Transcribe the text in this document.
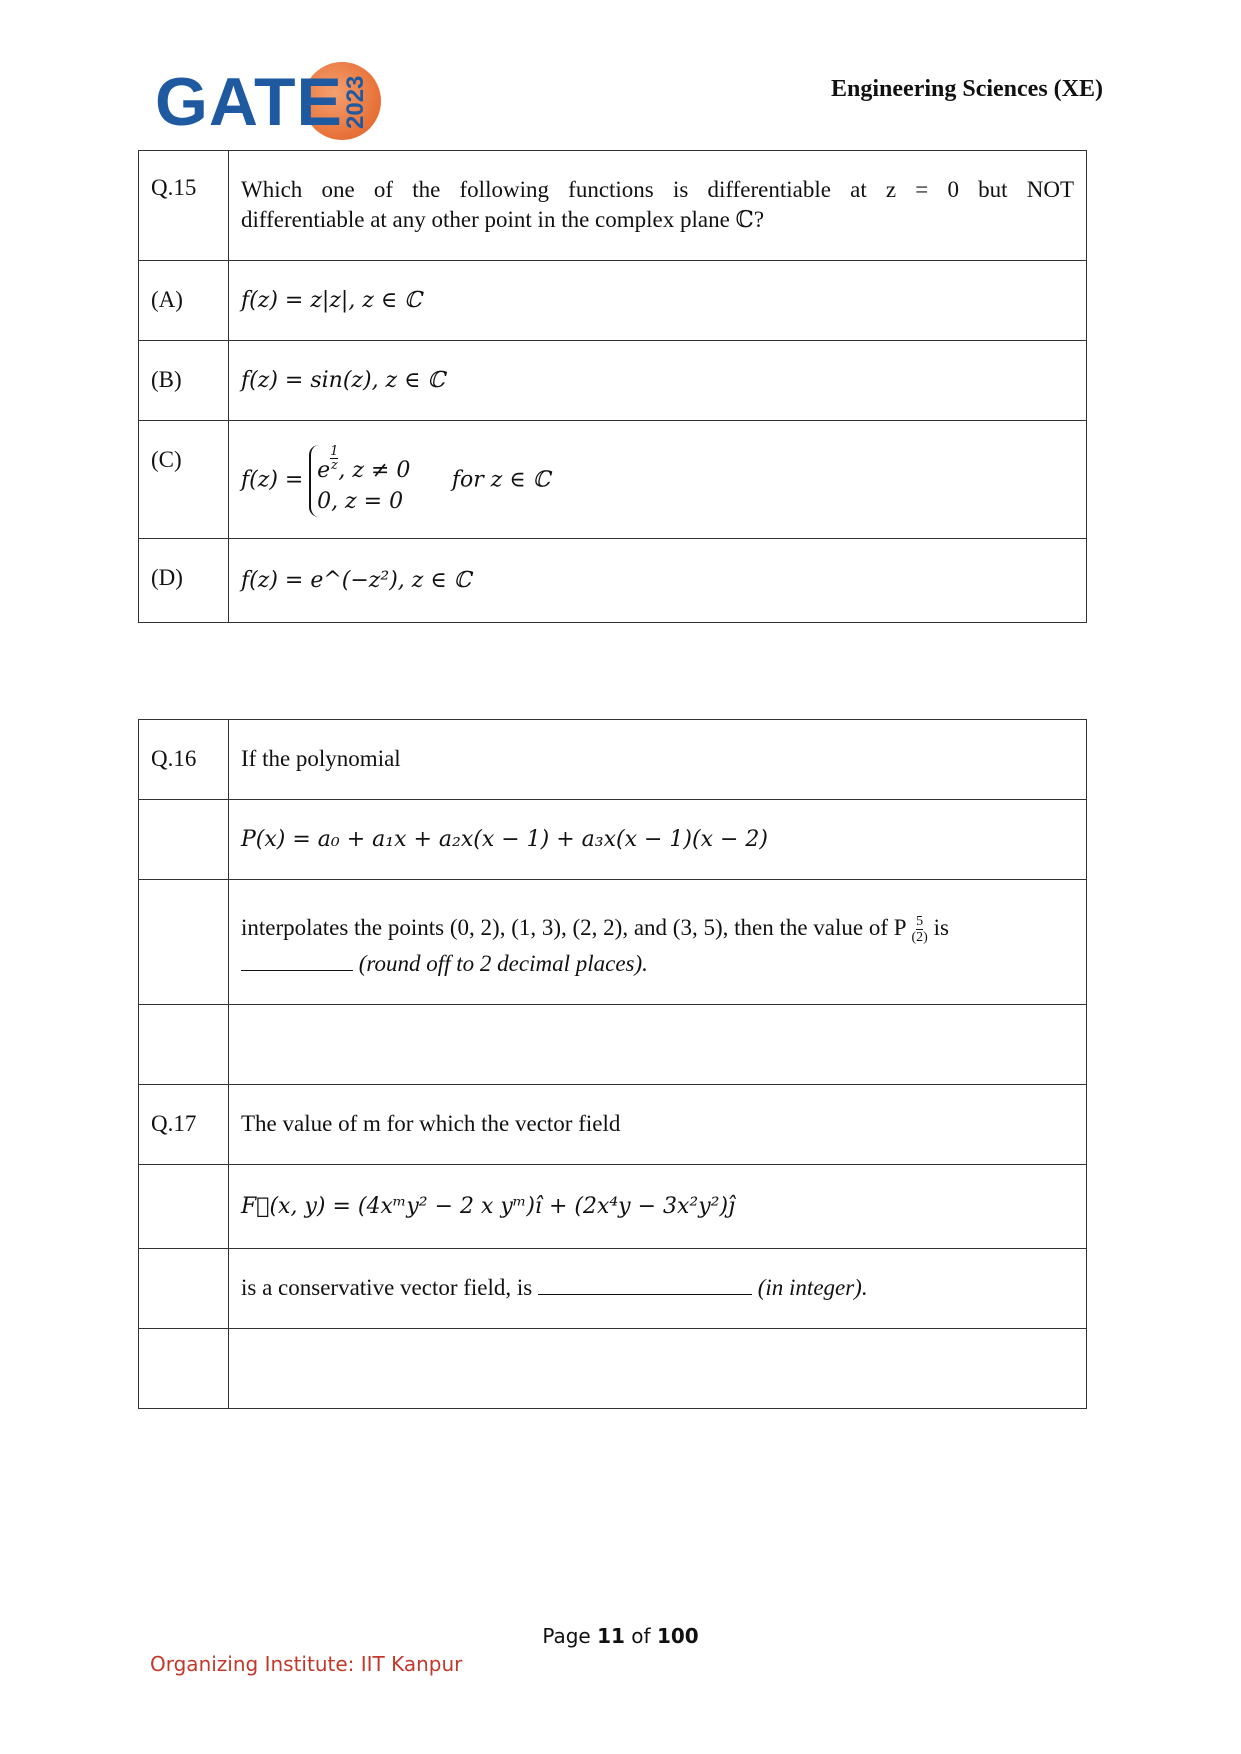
GATE 2023	Engineering Sciences (XE)
Q.15	Which one of the following functions is differentiable at z = 0 but NOT
differentiable at any other point in the complex plane ℂ?

(A)	f(z) = z|z|, z ∈ ℂ
(B)	f(z) = sin(z), z ∈ ℂ
(C)	f(z) = e $^{\frac{1}{z}}$ , z ≠ 0
0, z = 0  for z ∈ ℂ
(D)	f(z) = e^(−z²), z ∈ ℂ
Q.16	If the polynomial
	P(x) = a₀ + a₁x + a₂x(x − 1) + a₃x(x − 1)(x − 2)
	interpolates the points (0, 2), (1, 3), (2, 2), and (3, 5), then the value of P ( $\frac{5}{2}$ ) is
(round off to 2 decimal places).

Q.17	The value of m for which the vector field
	F⃗(x, y) = (4xᵐy² − 2 x yᵐ)î + (2x⁴y − 3x²y²)ĵ
	is a conservative vector field, is (in integer).

Page 11 of 100
Organizing Institute: IIT Kanpur
